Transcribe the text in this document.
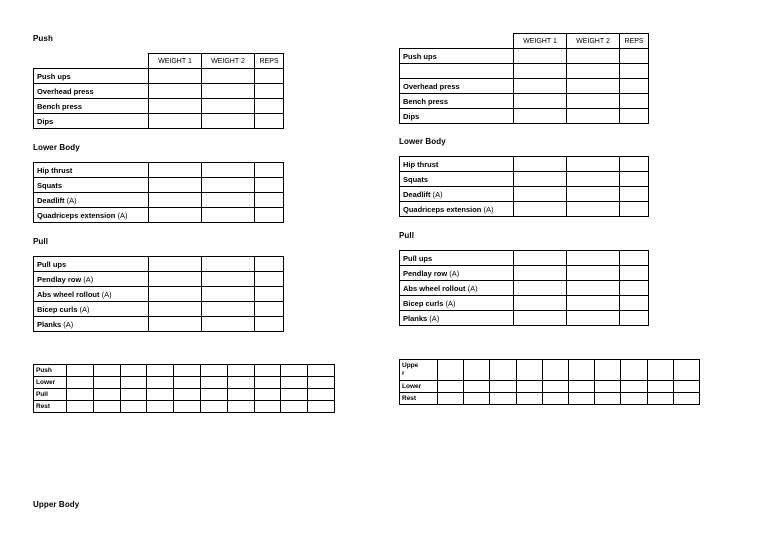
Push
	WEIGHT 1	WEIGHT 2	REPS
Push ups			
Overhead press			
Bench press			
Dips			
Lower Body
Hip thrust			
Squats			
Deadlift (A)			
Quadriceps extension (A)			
Pull
Pull ups			
Pendlay row (A)			
Abs wheel rollout (A)			
Bicep curls (A)			
Planks (A)			
Push										
Lower										
Pull										
Rest										
Upper Body
	WEIGHT 1	WEIGHT 2	REPS
Push ups			

Overhead press			
Bench press			
Dips			
Lower Body
Hip thrust			
Squats			
Deadlift (A)			
Quadriceps extension (A)			
Pull
Pull ups			
Pendlay row (A)			
Abs wheel rollout (A)			
Bicep curls (A)			
Planks (A)			
Uppe
r										
Lower										
Rest										
